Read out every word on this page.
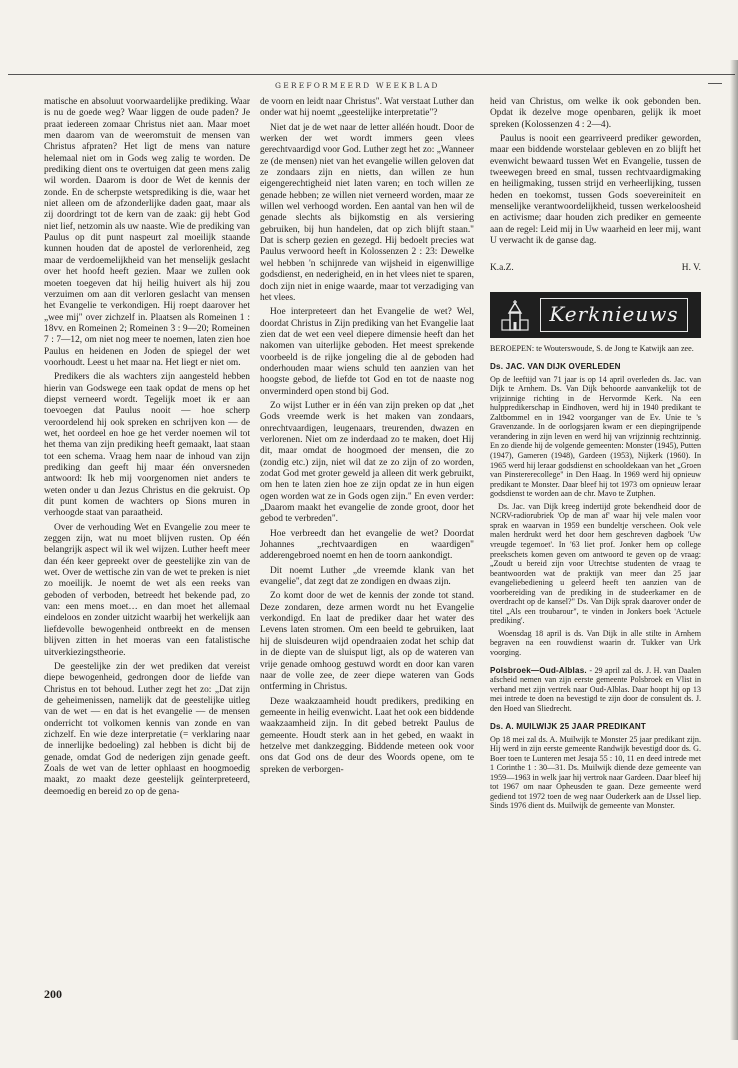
GEREFORMEERD WEEKBLAD

matische en absoluut voorwaardelijke prediking. Waar is nu de goede weg? Waar liggen de oude paden? Je praat iedereen zomaar Christus niet aan. Maar moet men daarom van de weeromstuit de mensen van Christus afpraten? Het ligt de mens van nature helemaal niet om in Gods weg zalig te worden. De prediking dient ons te overtuigen dat geen mens zalig wil worden. Daarom is door de Wet de kennis der zonde. En de scherpste wetsprediking is die, waar het niet alleen om de afzonderlijke daden gaat, maar als zij doordringt tot de kern van de zaak: gij hebt God niet lief, netzomin als uw naaste. Wie de prediking van Paulus op dit punt naspeurt zal moeilijk staande kunnen houden dat de apostel de verlorenheid, zeg maar de verdoemelijkheid van het menselijk geslacht over het hoofd heeft gezien. Maar we zullen ook moeten toegeven dat hij heilig huivert als hij zou verzuimen om aan dit verloren geslacht van mensen het Evangelie te verkondigen. Hij roept daarover het „wee mij" over zichzelf in. Plaatsen als Romeinen 1 : 18vv. en Romeinen 2; Romeinen 3 : 9—20; Romeinen 7 : 7—12, om niet nog meer te noemen, laten zien hoe Paulus en heidenen en Joden de spiegel der wet voorhoudt. Leest u het maar na. Het liegt er niet om.

Predikers die als wachters zijn aangesteld hebben hierin van Godswege een taak opdat de mens op het diepst verneerd wordt. Tegelijk moet ik er aan toevoegen dat Paulus nooit — hoe scherp veroordelend hij ook spreken en schrijven kon — de wet, het oordeel en hoe ge het verder noemen wil tot het thema van zijn prediking heeft gemaakt, laat staan tot een schema. Vraag hem naar de inhoud van zijn prediking dan geeft hij maar één onversneden antwoord: Ik heb mij voorgenomen niet anders te weten onder u dan Jezus Christus en die gekruist. Op dit punt komen de wachters op Sions muren in verhoogde staat van paraatheid.

Over de verhouding Wet en Evangelie zou meer te zeggen zijn, wat nu moet blijven rusten. Op één belangrijk aspect wil ik wel wijzen. Luther heeft meer dan één keer gepreekt over de geestelijke zin van de wet. Over de wettische zin van de wet te preken is niet zo moeilijk. Je noemt de wet als een reeks van geboden of verboden, betreedt het bekende pad, zo van: een mens moet… en dan moet het allemaal eindeloos en zonder uitzicht waarbij het werkelijk aan liefdevolle bewogenheid ontbreekt en de mensen blijven zitten in het moeras van een fatalistische uitverkiezingstheorie.

De geestelijke zin der wet prediken dat vereist diepe bewogenheid, gedrongen door de liefde van Christus en tot behoud. Luther zegt het zo: „Dat zijn de geheimenissen, namelijk dat de geestelijke uitleg van de wet — en dat is het evangelie — de mensen onderricht tot volkomen kennis van zonde en van zichzelf. En wie deze interpretatie (= verklaring naar de innerlijke bedoeling) zal hebben is dicht bij de genade, omdat God de nederigen zijn genade geeft. Zoals de wet van de letter ophlaast en hoogmoedig maakt, zo maakt deze geestelijk geïnterpreteerd, deemoedig en bereid zo op de gena-

de voorn en leidt naar Christus". Wat verstaat Luther dan onder wat hij noemt „geestelijke interpretatie"?

Niet dat je de wet naar de letter alléén houdt. Door de werken der wet wordt immers geen vlees gerechtvaardigd voor God. Luther zegt het zo: „Wanneer ze (de mensen) niet van het evangelie willen geloven dat ze zondaars zijn en nietts, dan willen ze hun eigengerechtigheid niet laten varen; en toch willen ze genade hebben; ze willen niet verneerd worden, maar ze willen wel verhoogd worden. Een aantal van hen wil de genade slechts als bijkomstig en als versiering gebruiken, bij hun handelen, dat op zich blijft staan." Dat is scherp gezien en gezegd. Hij bedoelt precies wat Paulus verwoord heeft in Kolossenzen 2 : 23: Dewelke wel hebben 'n schijnrede van wijsheid in eigenwillige godsdienst, en nederigheid, en in het vlees niet te sparen, doch zijn niet in enige waarde, maar tot verzadiging van het vlees.

Hoe interpreteert dan het Evangelie de wet? Wel, doordat Christus in Zijn prediking van het Evangelie laat zien dat de wet een veel diepere dimensie heeft dan het nakomen van uiterlijke geboden. Het meest sprekende voorbeeld is de rijke jongeling die al de geboden had onderhouden maar wiens schuld ten aanzien van het hoogste gebod, de liefde tot God en tot de naaste nog onverminderd open stond bij God.

Zo wijst Luther er in één van zijn preken op dat „het Gods vreemde werk is het maken van zondaars, onrechtvaardigen, leugenaars, treurenden, dwazen en verlorenen. Niet om ze inderdaad zo te maken, doet Hij dit, maar omdat de hoogmoed der mensen, die zo (zondig etc.) zijn, niet wil dat ze zo zijn of zo worden, zodat God met groter geweld ja alleen dit werk gebruikt, om hen te laten zien hoe ze zijn opdat ze in hun eigen ogen worden wat ze in Gods ogen zijn." En even verder: „Daarom maakt het evangelie de zonde groot, door het gebod te verbreden".

Hoe verbreedt dan het evangelie de wet? Doordat Johannes „rechtvaardigen en waardigen" adderengebroed noemt en hen de toorn aankondigt.

Dit noemt Luther „de vreemde klank van het evangelie", dat zegt dat ze zondigen en dwaas zijn.

Zo komt door de wet de kennis der zonde tot stand. Deze zondaren, deze armen wordt nu het Evangelie verkondigd. En laat de prediker daar het water des Levens laten stromen. Om een beeld te gebruiken, laat hij de sluisdeuren wijd opendraaien zodat het schip dat in de diepte van de sluisput ligt, als op de wateren van vrije genade omhoog gestuwd wordt en door kan varen naar de volle zee, de zeer diepe wateren van Gods ontferming in Christus.

Deze waakzaamheid houdt predikers, prediking en gemeente in heilig evenwicht. Laat het ook een biddende waakzaamheid zijn. In dit gebed betrekt Paulus de gemeente. Houdt sterk aan in het gebed, en waakt in hetzelve met dankzegging. Biddende meteen ook voor ons dat God ons de deur des Woords opene, om te spreken de verborgen-

heid van Christus, om welke ik ook gebonden ben. Opdat ik dezelve moge openbaren, gelijk ik moet spreken (Kolossenzen 4 : 2—4).

Paulus is nooit een gearriveerd prediker geworden, maar een biddende worstelaar gebleven en zo blijft het evenwicht bewaard tussen Wet en Evangelie, tussen de tweewegen breed en smal, tussen rechtvaardigmaking en heiligmaking, tussen strijd en verheerlijking, tussen heden en toekomst, tussen Gods soevereiniteit en menselijke verantwoordelijkheid, tussen werkeloosheid en activisme; daar houden zich prediker en gemeente aan de regel: Leid mij in Uw waarheid en leer mij, want U verwacht ik de ganse dag.

K.a.Z.	H. V.
Kerknieuws
BEROEPEN: te Wouterswoude, S. de Jong te Katwijk aan zee.
Ds. JAC. VAN DIJK OVERLEDEN

Op de leeftijd van 71 jaar is op 14 april overleden ds. Jac. van Dijk te Arnhem. Ds. Van Dijk behoorde aanvankelijk tot de vrijzinnige richting in de Hervormde Kerk. Na een hulppredikerschap in Eindhoven, werd hij in 1940 predikant te Zaltbommel en in 1942 voorganger van de Ev. Unie te 's Gravenzande. In de oorlogsjaren kwam er een diepingrijpende verandering in zijn leven en werd hij van vrijzinnig rechtzinnig. En zo diende hij de volgende gemeenten: Monster (1945), Putten (1947), Gameren (1948), Gardeen (1953), Nijkerk (1960). In 1965 werd hij leraar godsdienst en schooldekaan van het „Groen van Pinstererecollege" in Den Haag. In 1969 werd hij opnieuw predikant te Monster. Daar bleef hij tot 1973 om opnieuw leraar godsdienst te worden aan de chr. Mavo te Zutphen.

Ds. Jac. van Dijk kreeg indertijd grote bekendheid door de NCRV-radiorubriek 'Op de man af' waar hij vele malen voor sprak en waarvan in 1959 een bundeltje verscheen. Ook vele malen herdrukt werd het door hem geschreven dagboek 'Uw vreugde tegemoet'. In '63 liet prof. Jonker hem op college preekschets komen geven om antwoord te geven op de vraag: „Zoudt u bereid zijn voor Utrechtse studenten de vraag te beantwoorden wat de praktijk van meer dan 25 jaar evangeliebediening u geleerd heeft ten aanzien van de voorbereiding van de prediking in de studeerkamer en de overdracht op de kansel?" Ds. Van Dijk sprak daarover onder de titel „Als een troubarour", te vinden in Jonkers boek 'Actuele prediking'.

Woensdag 18 april is ds. Van Dijk in alle stilte in Arnhem begraven na een rouwdienst waarin dr. Tukker van Urk voorging.

Polsbroek—Oud-Alblas. - 29 april zal ds. J. H. van Daalen afscheid nemen van zijn eerste gemeente Polsbroek en Vlist in verband met zijn vertrek naar Oud-Alblas. Daar hoopt hij op 13 mei intrede te doen na bevestigd te zijn door de consulent ds. J. den Hoed van Sliedrecht.

Ds. A. MUILWIJK 25 JAAR PREDIKANT

Op 18 mei zal ds. A. Muilwijk te Monster 25 jaar predikant zijn. Hij werd in zijn eerste gemeente Randwijk bevestigd door ds. G. Boer toen te Lunteren met Jesaja 55 : 10, 11 en deed intrede met 1 Corinthe 1 : 30—31. Ds. Muilwijk diende deze gemeente van 1959—1963 in welk jaar hij vertrok naar Gardeen. Daar bleef hij tot 1967 om naar Opheusden te gaan. Deze gemeente werd gediend tot 1972 toen de weg naar Ouderkerk aan de IJssel liep. Sinds 1976 dient ds. Muilwijk de gemeente van Monster.

200
